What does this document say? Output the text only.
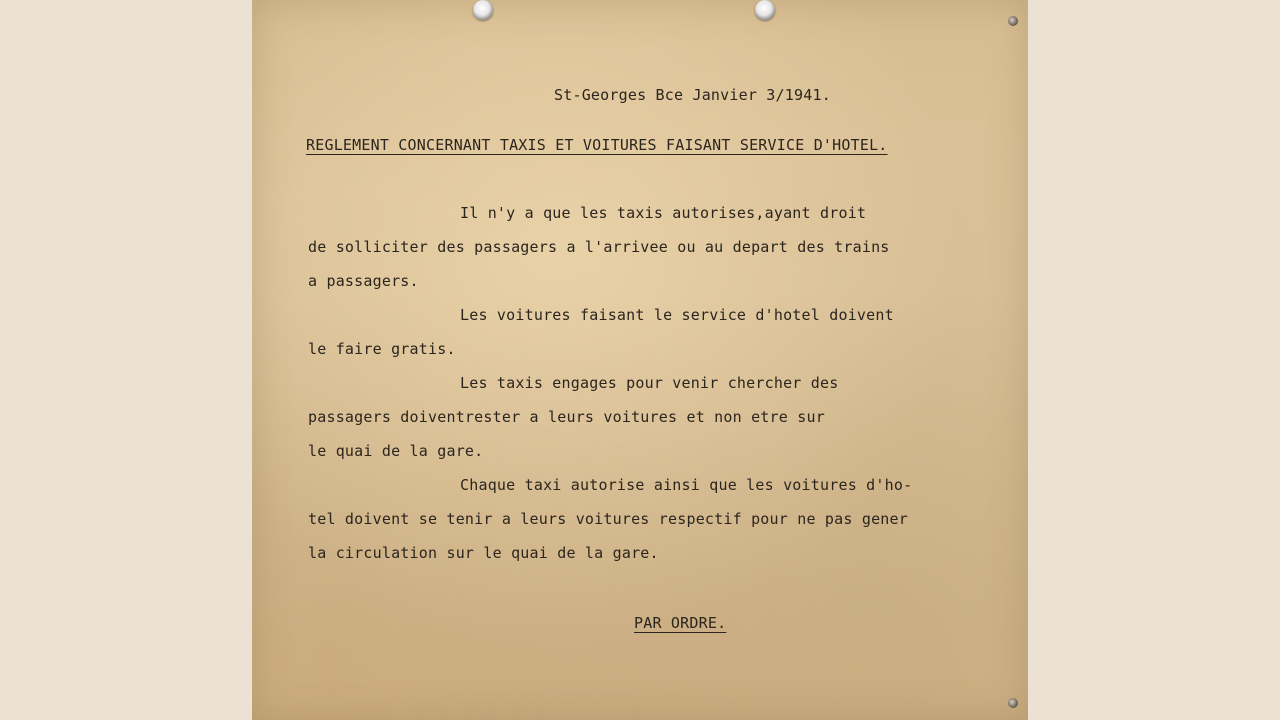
St-Georges Bce Janvier 3/1941.

REGLEMENT CONCERNANT TAXIS ET VOITURES FAISANT SERVICE D'HOTEL.

Il n'y a que les taxis autorises,ayant droit

de solliciter des passagers a l'arrivee ou au depart des trains

a passagers.

Les voitures faisant le service d'hotel doivent

le faire gratis.

Les taxis engages pour venir chercher des

passagers doiventrester a leurs voitures et non etre sur

le quai de la gare.

Chaque taxi autorise ainsi que les voitures d'ho-

tel doivent se tenir a leurs voitures respectif pour ne pas gener

la circulation sur le quai de la gare.

PAR ORDRE.
